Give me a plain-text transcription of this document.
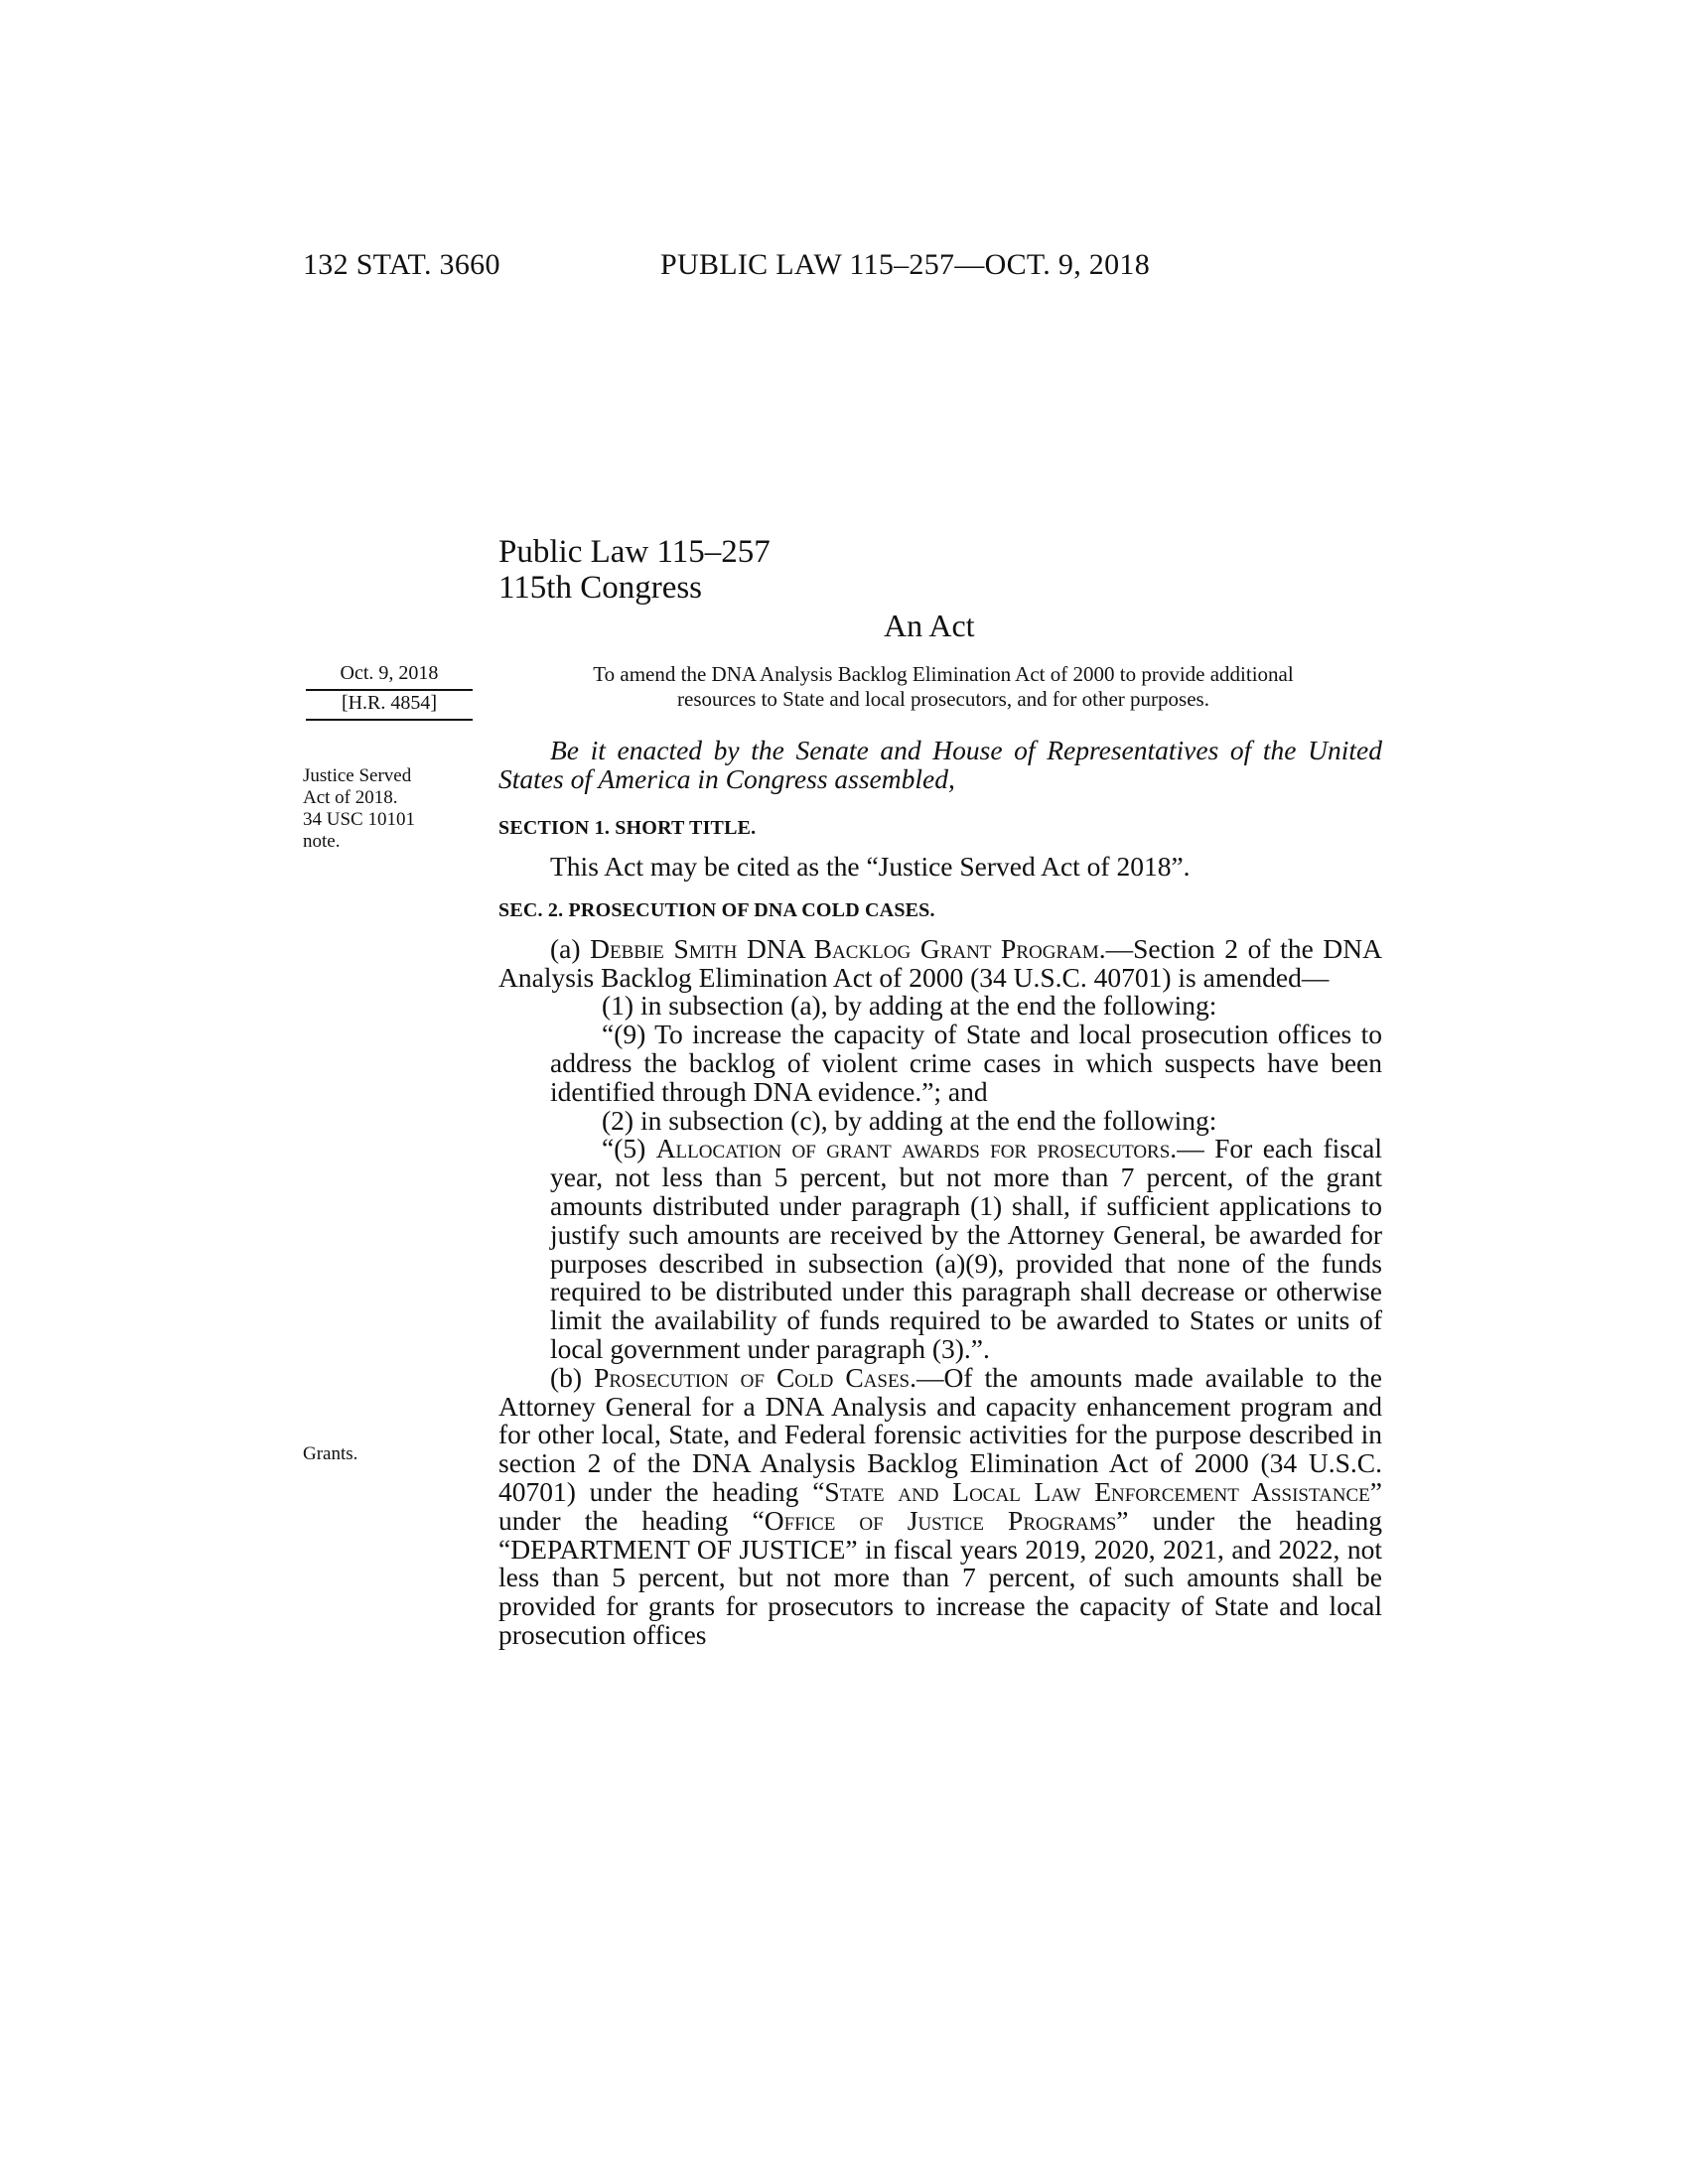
132 STAT. 3660	PUBLIC LAW 115–257—OCT. 9, 2018
Public Law 115–257
115th Congress
An Act
Oct. 9, 2018
[H.R. 4854]
To amend the DNA Analysis Backlog Elimination Act of 2000 to provide additional
resources to State and local prosecutors, and for other purposes.
Justice Served
Act of 2018.
34 USC 10101
note.
Grants.

Be it enacted by the Senate and House of Representatives of the United States of America in Congress assembled,

SECTION 1. SHORT TITLE.

This Act may be cited as the “Justice Served Act of 2018”.

SEC. 2. PROSECUTION OF DNA COLD CASES.

(a) Debbie Smith DNA Backlog Grant Program.—Section 2 of the DNA Analysis Backlog Elimination Act of 2000 (34 U.S.C. 40701) is amended—

(1) in subsection (a), by adding at the end the following:

“(9) To increase the capacity of State and local prosecution offices to address the backlog of violent crime cases in which suspects have been identified through DNA evidence.”; and

(2) in subsection (c), by adding at the end the following:

“(5) Allocation of grant awards for prosecutors.— For each fiscal year, not less than 5 percent, but not more than 7 percent, of the grant amounts distributed under paragraph (1) shall, if sufficient applications to justify such amounts are received by the Attorney General, be awarded for purposes described in subsection (a)(9), provided that none of the funds required to be distributed under this paragraph shall decrease or otherwise limit the availability of funds required to be awarded to States or units of local government under paragraph (3).”.

(b) Prosecution of Cold Cases.—Of the amounts made available to the Attorney General for a DNA Analysis and capacity enhancement program and for other local, State, and Federal forensic activities for the purpose described in section 2 of the DNA Analysis Backlog Elimination Act of 2000 (34 U.S.C. 40701) under the heading “State and Local Law Enforcement Assistance” under the heading “Office of Justice Programs” under the heading “DEPARTMENT OF JUSTICE” in fiscal years 2019, 2020, 2021, and 2022, not less than 5 percent, but not more than 7 percent, of such amounts shall be provided for grants for prosecutors to increase the capacity of State and local prosecution offices
